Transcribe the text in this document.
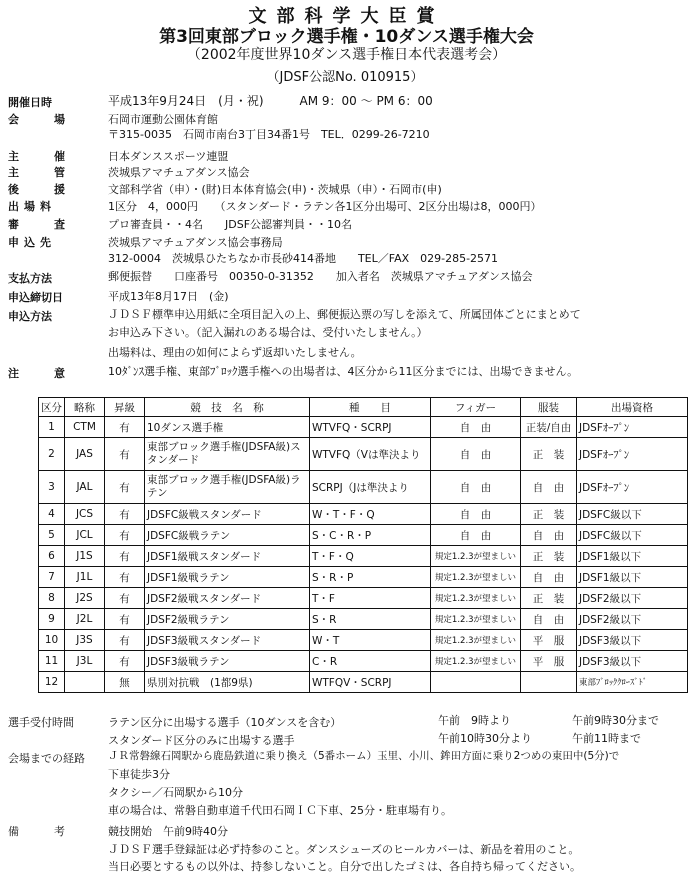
文部科学大臣賞
第3回東部ブロック選手権・10ダンス選手権大会
（2002年度世界10ダンス選手権日本代表選考会）
（JDSF公認No. 010915）
開催日時	平成13年9月24日　(月・祝)　　　AM 9：00 ～ PM 6：00
会　場	石岡市運動公園体育館
〒315-0035　石岡市南台3丁目34番1号　TEL．0299-26-7210
主　催	日本ダンススポーツ連盟
主　管	茨城県アマチュアダンス協会
後　援	文部科学省（申）・(財)日本体育協会(申)・茨城県（申）・石岡市(申)
出場料	1区分　4，000円　　（スタンダード・ラテン各1区分出場可、2区分出場は8，000円）
審　査	プロ審査員・・4名　　JDSF公認審判員・・10名
申込先	茨城県アマチュアダンス協会事務局
312-0004　茨城県ひたちなか市長砂414番地　　TEL／FAX　029-285-2571
支払方法	郵便振替　　口座番号　00350-0-31352　　加入者名　茨城県アマチュアダンス協会
申込締切日	平成13年8月17日　(金)
申込方法	ＪＤＳＦ標準申込用紙に全項目記入の上、郵便振込票の写しを添えて、所属団体ごとにまとめて
お申込み下さい。（記入漏れのある場合は、受付いたしません。）
出場料は、理由の如何によらず返却いたしません。
注　意	10ﾀﾞﾝｽ選手権、東部ﾌﾞﾛｯｸ選手権への出場者は、4区分から11区分までには、出場できません。
区分	略称	昇級	競　技　名　称	種　　目	フィガー	服装	出場資格
1	CTM	有	10ダンス選手権	WTVFQ・SCRPJ	自　由	正装/自由	JDSFｵｰﾌﾟﾝ
2	JAS	有	東部ブロック選手権(JDSFA級)スタンダード	WTVFQ（Vは準決より	自　由	正　装	JDSFｵｰﾌﾟﾝ
3	JAL	有	東部ブロック選手権(JDSFA級)ラテン	SCRPJ（Jは準決より	自　由	自　由	JDSFｵｰﾌﾟﾝ
4	JCS	有	JDSFC級戦スタンダード	W・T・F・Q	自　由	正　装	JDSFC級以下
5	JCL	有	JDSFC級戦ラテン	S・C・R・P	自　由	自　由	JDSFC級以下
6	J1S	有	JDSF1級戦スタンダード	T・F・Q	規定1.2.3が望ましい	正　装	JDSF1級以下
7	J1L	有	JDSF1級戦ラテン	S・R・P	規定1.2.3が望ましい	自　由	JDSF1級以下
8	J2S	有	JDSF2級戦スタンダード	T・F	規定1.2.3が望ましい	正　装	JDSF2級以下
9	J2L	有	JDSF2級戦ラテン	S・R	規定1.2.3が望ましい	自　由	JDSF2級以下
10	J3S	有	JDSF3級戦スタンダード	W・T	規定1.2.3が望ましい	平　服	JDSF3級以下
11	J3L	有	JDSF3級戦ラテン	C・R	規定1.2.3が望ましい	平　服	JDSF3級以下
12		無	県別対抗戦　(1都9県)	WTFQV・SCRPJ			東部ﾌﾞﾛｯｸｸﾛｰｽﾞﾄﾞ
選手受付時間	ラテン区分に出場する選手（10ダンスを含む）	午前　9時より	午前9時30分まで
スタンダード区分のみに出場する選手	午前10時30分より	午前11時まで
会場までの経路 ＪＲ常磐線石岡駅から鹿島鉄道に乗り換え（5番ホーム）玉里、小川、鉾田方面に乗り2つめの東田中(5分)で
下車徒歩3分
タクシー／石岡駅から10分
車の場合は、常磐自動車道千代田石岡ＩＣ下車、25分・駐車場有り。
備　考	競技開始　午前9時40分
ＪＤＳＦ選手登録証は必ず持参のこと。ダンスシューズのヒールカバーは、新品を着用のこと。
当日必要とするもの以外は、持参しないこと。自分で出したゴミは、各自持ち帰ってください。
